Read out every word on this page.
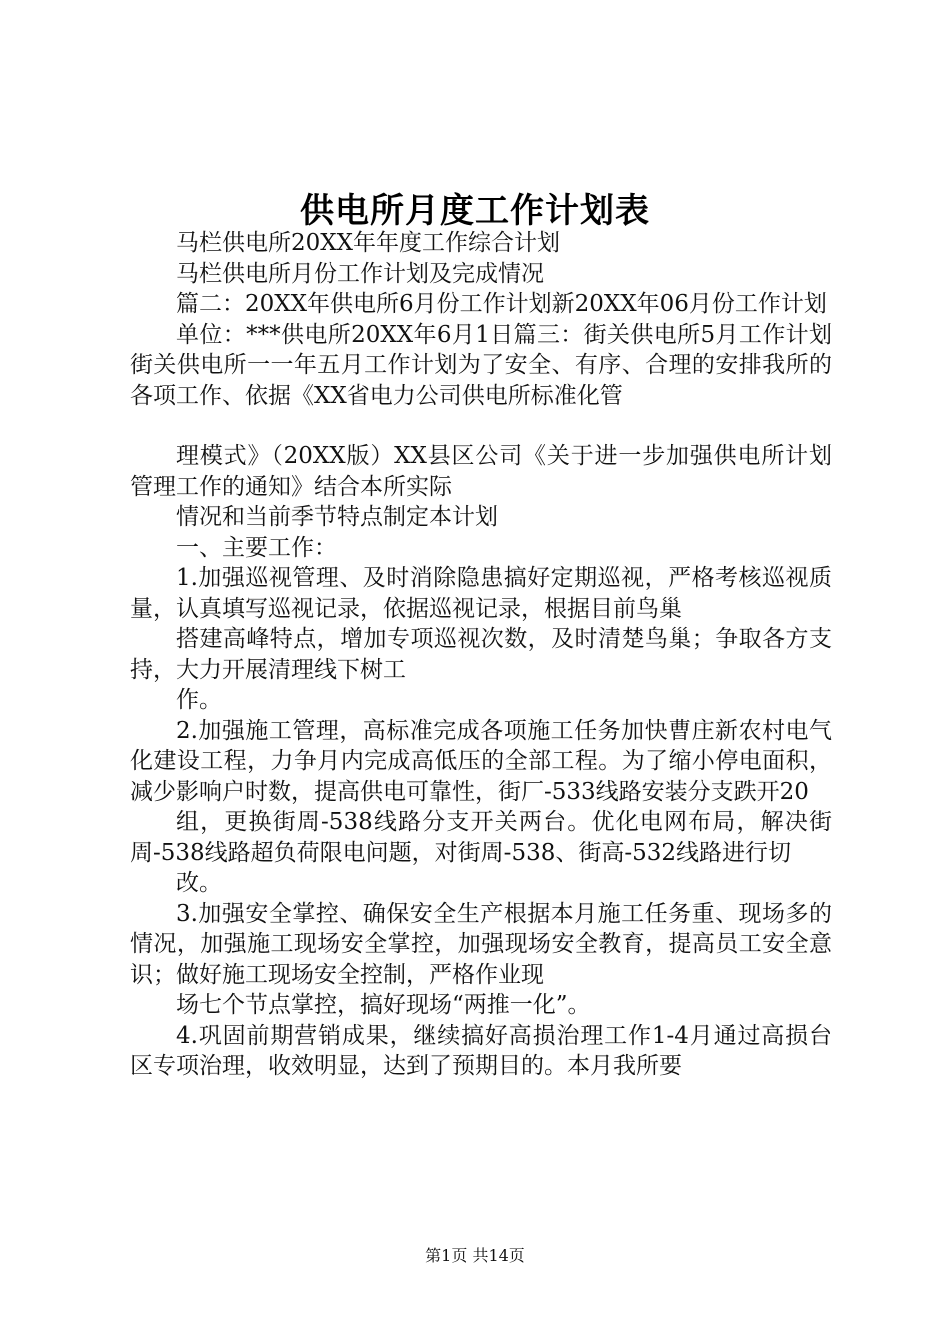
供电所月度工作计划表

马栏供电所20XX年年度工作综合计划

马栏供电所月份工作计划及完成情况

篇二：20XX年供电所6月份工作计划新20XX年06月份工作计划

单位：***供电所20XX年6月1日篇三：街关供电所5月工作计划街关供电所一一年五月工作计划为了安全、有序、合理的安排我所的各项工作、依据《XX省电力公司供电所标准化管

理模式》（20XX版）XX县区公司《关于进一步加强供电所计划管理工作的通知》结合本所实际

情况和当前季节特点制定本计划

一、主要工作：

1.加强巡视管理、及时消除隐患搞好定期巡视，严格考核巡视质量，认真填写巡视记录，依据巡视记录，根据目前鸟巢

搭建高峰特点，增加专项巡视次数，及时清楚鸟巢；争取各方支持，大力开展清理线下树工

作。

2.加强施工管理，高标准完成各项施工任务加快曹庄新农村电气化建设工程，力争月内完成高低压的全部工程。为了缩小停电面积，减少影响户时数，提高供电可靠性，街厂-533线路安装分支跌开20

组，更换街周-538线路分支开关两台。优化电网布局，解决街周-538线路超负荷限电问题，对街周-538、街高-532线路进行切

改。

3.加强安全掌控、确保安全生产根据本月施工任务重、现场多的情况，加强施工现场安全掌控，加强现场安全教育，提高员工安全意识；做好施工现场安全控制，严格作业现

场七个节点掌控，搞好现场“两推一化”。

4.巩固前期营销成果，继续搞好高损治理工作1-4月通过高损台区专项治理，收效明显，达到了预期目的。本月我所要

第1页 共14页
